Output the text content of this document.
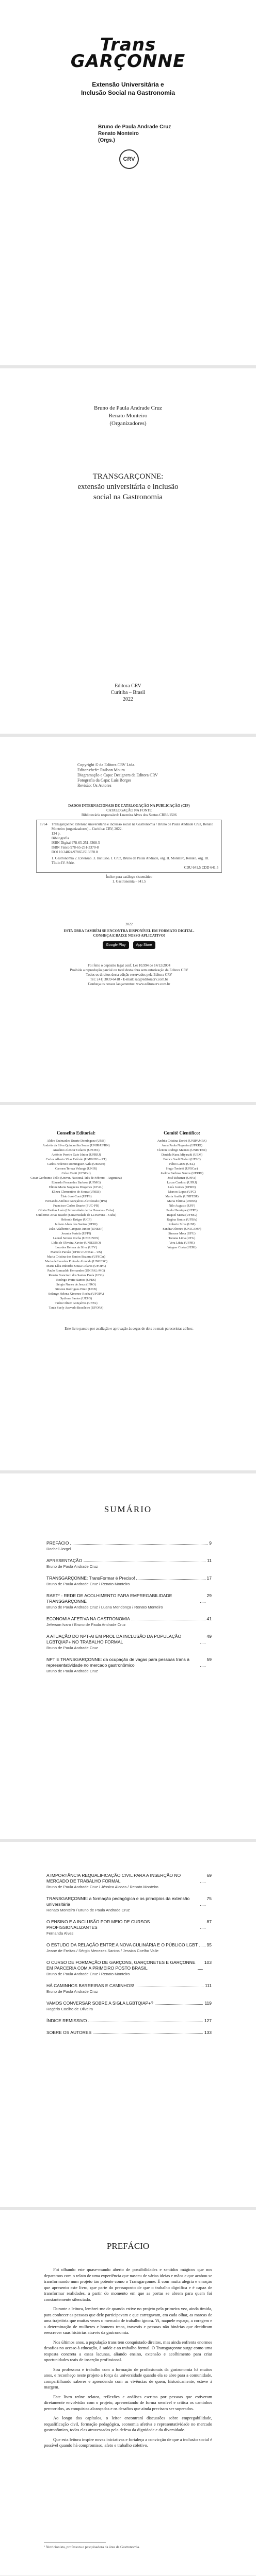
Trans
GARÇONNE
Extensão Universitária e
Inclusão Social na Gastronomia
Bruno de Paula Andrade Cruz
Renato Monteiro
(Orgs.)
CRV
Bruno de Paula Andrade Cruz
Renato Monteiro
(Organizadores)
TRANSGARÇONNE:
extensão universitária e inclusão
social na Gastronomia
Editora CRV
Curitiba – Brasil
2022
Copyright © da Editora CRV Ltda.
Editor-chefe: Railson Moura
Diagramação e Capa: Designers da Editora CRV
Fotografia da Capa: Luís Borges
Revisão: Os Autores
DADOS INTERNACIONAIS DE CATALOGAÇÃO NA PUBLICAÇÃO (CIP)
CATALOGAÇÃO NA FONTE
Bibliotecária responsável: Luzenira Alves dos Santos CRB9/1506
T764 Transgarçonne: extensão universitária e inclusão social na Gastronomia / Bruno de Paula Andrade Cruz, Renato Monteiro (organizadores) – Curitiba: CRV, 2022.
134 p.
Bibliografia
ISBN Digital 978-65-251-3368-5
ISBN Físico 978-65-251-3370-8
DOI 10.24824/978652513370.8
1. Gastronomia 2. Extensão. 3. Inclusão. I. Cruz, Bruno de Paula Andrade, org. II. Monteiro, Renato, org. III. Título IV. Série.
CDU 641.5 CDD 641.5
Índice para catálogo sistemático
1. Gastronomia - 641.5
2022
ESTA OBRA TAMBÉM SE ENCONTRA DISPONÍVEL EM FORMATO DIGITAL.
CONHEÇA E BAIXE NOSSO APLICATIVO!
Google Play	App Store
Foi feito o depósito legal conf. Lei 10.994 de 14/12/2004
Proibida a reprodução parcial ou total desta obra sem autorização da Editora CRV
Todos os direitos desta edição reservados pela Editora CRV
Tel.: (41) 3039-6418 - E-mail: sac@editoracrv.com.br
Conheça os nossos lançamentos: www.editoracrv.com.br
Conselho Editorial:
Aldira Guimarães Duarte Domínguez (UNB)
Andréia da Silva Quintanilha Sousa (UNIR/UFRN)
Anselmo Alencar Colares (UFOPA)
Antônio Pereira Gaio Júnior (UFRRJ)
Carlos Alberto Vilar Estêvão (UMINHO – PT)
Carlos Federico Dominguez Avila (Unieuro)
Carmen Tereza Velanga (UNIR)
Celso Conti (UFSCar)
Cesar Gerónimo Tello (Univer. Nacional Três de Febrero – Argentina)
Eduardo Fernandes Barbosa (UFMG)
Elione Maria Nogueira Diogenes (UFAL)
Elizeu Clementino de Souza (UNEB)
Élsio José Corá (UFFS)
Fernando Antônio Gonçalves Alcoforado (IPB)
Francisco Carlos Duarte (PUC-PR)
Gloria Fariñas León (Universidade de La Havana – Cuba)
Guillermo Arias Beatón (Universidade de La Havana – Cuba)
Helmuth Krüger (UCP)
Jailson Alves dos Santos (UFRJ)
João Adalberto Campato Junior (UNESP)
Josania Portela (UFPI)
Leonel Severo Rocha (UNISINOS)
Lídia de Oliveira Xavier (UNIEURO)
Lourdes Helena da Silva (UFV)
Marcelo Paixão (UFRJ e UTexas – US)
Maria Cristina dos Santos Bezerra (UFSCar)
Maria de Lourdes Pinto de Almeida (UNOESC)
Maria Lília Imbiriba Sousa Colares (UFOPA)
Paulo Romualdo Hernandes (UNIFAL-MG)
Renato Francisco dos Santos Paula (UFG)
Rodrigo Pratte-Santos (UFES)
Sérgio Nunes de Jesus (IFRO)
Simone Rodrigues Pinto (UNB)
Solange Helena Ximenes-Rocha (UFOPA)
Sydione Santos (UEPG)
Tadeu Oliver Gonçalves (UFPA)
Tania Suely Azevedo Brasileiro (UFOPA)
Comitê Científico:
Andréa Cristina Dorini (UNIPAMPA)
Anna Paola Nogueira (UFRRJ)
Cleiton Rodrigo Mannes (UNINTER)
Daniela Kunz Miyasaki (UEM)
Eunice Sueli Nodari (UFSC)
Fábio Lanza (UEL)
Hugo Tonietti (UFSCar)
Joelma Barbosa Santos (UFRRJ)
José Ribamar (UFPA)
Lucas Cardoso (UFRJ)
Luís Gomes (UFRN)
Marcos Lopes (UFC)
Maria Anália (UNIFESP)
Maria Fátima (UNEB)
Nilo Augusto (UFF)
Paulo Henrique (UFPE)
Raquel Maria (UFMG)
Regina Santos (UFBA)
Roberto Silva (USP)
Sandra Oliveira (UNICAMP)
Simone Mota (UFU)
Tatiana Lima (UFG)
Vera Lúcia (UFPR)
Wagner Costa (UERJ)
Este livro passou por avaliação e aprovação às cegas de dois ou mais pareceristas ad hoc.
SUMÁRIO
PREFÁCIO	9
Rocheli Jorgel
APRESENTAÇÃO	11
Bruno de Paula Andrade Cruz
TRANSGARÇONNE: TransFormar é Preciso!	17
Bruno de Paula Andrade Cruz / Renato Monteiro
RAET* - REDE DE ACOLHIMENTO PARA EMPREGABILIDADE TRANSGARÇONNE
29
Bruno de Paula Andrade Cruz / Luana Mendonça / Renato Monteiro
ECONOMIA AFETIVA NA GASTRONOMIA	41
Jeferson Ivaro / Bruno de Paula Andrade Cruz
A ATUAÇÃO DO NPT-AI EM PROL DA INCLUSÃO DA POPULAÇÃO LGBTQIAP+ NO TRABALHO FORMAL
49
Bruno de Paula Andrade Cruz
NPT E TRANSGARÇONNE: da ocupação de vagas para pessoas trans à representatividade no mercado gastronômico
59
Bruno de Paula Andrade Cruz
A IMPORTÂNCIA REQUALIFICAÇÃO CIVIL PARA A INSERÇÃO NO MERCADO DE TRABALHO FORMAL
69
Bruno de Paula Andrade Cruz / Jéssica Alcoas / Renato Monteiro
TRANSGARÇONNE: a formação pedagógica e os princípios da extensão universitária
75
Renato Monteiro / Bruno de Paula Andrade Cruz
O ENSINO E A INCLUSÃO POR MEIO DE CURSOS PROFISSIONALIZANTES
87
Fernanda Alves
O ESTUDO DA RELAÇÃO ENTRE A NOVA CULINÁRIA E O PÚBLICO LGBT 95
Jeane de Freitas / Sérgio Menezes Santos / Jessica Coelho Valle
O CURSO DE FORMAÇÃO DE GARÇONS, GARÇONETES E GARÇONNE EM PARCERIA COM A PRIMEIRO POSTO BRASIL
103
Bruno de Paula Andrade Cruz / Renato Monteiro
HÁ CAMINHOS BARREIRAS E CAMINHOS!	111
Bruno de Paula Andrade Cruz
VAMOS CONVERSAR SOBRE A SIGLA LGBTQIAP+?	119
Rogério Coelho de Oliveira
ÍNDICE REMISSIVO	127
SOBRE OS AUTORES	133
PREFÁCIO

Foi olhando este quase-mundo aberto de possibilidades e sentidos mágicos que nos deparamos com o relato de uma experiência que nasceu de várias ideias e mãos e que acabou se transformando num projeto tão potente como o Transgarçonne. É com muita alegria e emoção que apresento este livro, que parte do pressuposto de que o trabalho dignifica e é capaz de transformar realidades, a partir do momento em que as portas se abrem para quem foi constantemente silenciado.

Durante a leitura, lembrei-me de quando estive no projeto pela primeira vez, ainda tímida, para conhecer as pessoas que dele participavam e que carregavam, em cada olhar, as marcas de uma trajetória que muitas vezes o mercado de trabalho ignora. Vi, naquele espaço, a coragem e a determinação de mulheres e homens trans, travestis e pessoas não binárias que decidiram reescrever suas histórias através da gastronomia.

Nos últimos anos, a população trans tem conquistado direitos, mas ainda enfrenta enormes desafios no acesso à educação, à saúde e ao trabalho formal. O Transgarçonne surge como uma resposta concreta a essas lacunas, aliando ensino, extensão e acolhimento para criar oportunidades reais de inserção profissional.

Sou professora e trabalho com a formação de profissionais da gastronomia há muitos anos, e reconheço neste projeto a força da universidade quando ela se abre para a comunidade, compartilhando saberes e aprendendo com as vivências de quem, historicamente, esteve à margem.

Este livro reúne relatos, reflexões e análises escritas por pessoas que estiveram diretamente envolvidas com o projeto, apresentando de forma sensível e crítica os caminhos percorridos, as conquistas alcançadas e os desafios que ainda precisam ser superados.

Ao longo dos capítulos, o leitor encontrará discussões sobre empregabilidade, requalificação civil, formação pedagógica, economia afetiva e representatividade no mercado gastronômico, todas elas atravessadas pela defesa da dignidade e da diversidade.

Que esta leitura inspire novas iniciativas e fortaleça a convicção de que a inclusão social é possível quando há compromisso, afeto e trabalho coletivo.

¹ Nutricionista, professora e pesquisadora da área de Gastronomia.
